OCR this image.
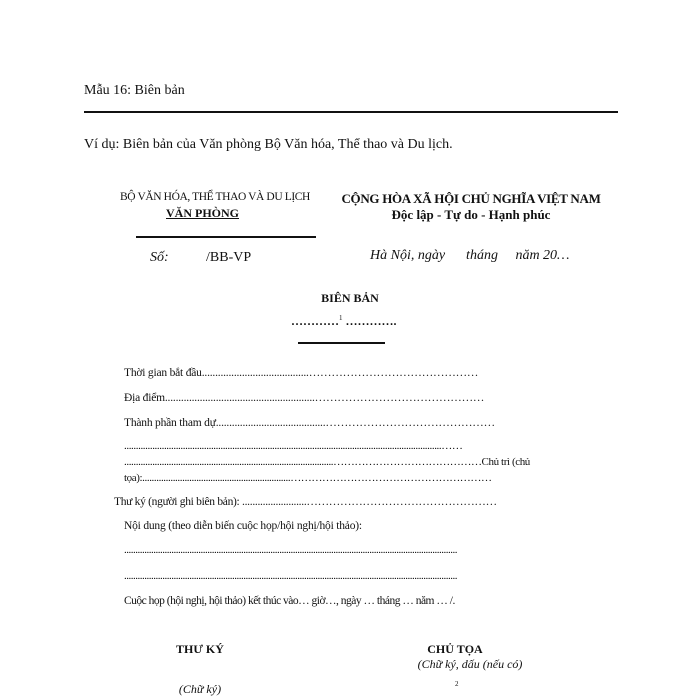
Mẫu 16: Biên bản
Ví dụ: Biên bản của Văn phòng Bộ Văn hóa, Thể thao và Du lịch.
BỘ VĂN HÓA, THỂ THAO VÀ DU LỊCH
VĂN PHÒNG
CỘNG HÒA XÃ HỘI CHỦ NGHĨA VIỆT NAM
Độc lập - Tự do - Hạnh phúc
Số:	/BB-VP	Hà Nội, ngày      tháng     năm 20…
BIÊN BẢN
…………$^1$ ………….
Thời gian bắt đầu........................................………………………………………
Địa điểm........................................................………………………………………
Thành phần tham dự.........................................………………………………………
.......................................................................................................................................……
.........................................................................................……………………………………Chủ trì (chủ
tọa):...............................................................…………………………………………………
Thư ký (người ghi biên bản): .........................……………………………………………
Nội dung (theo diễn biến cuộc họp/hội nghị/hội thảo):
....................................................................................................................................................
....................................................................................................................................................
Cuộc họp (hội nghị, hội thảo) kết thúc vào… giờ…, ngày … tháng … năm … /.
THƯ KÝ
(Chữ ký)
CHỦ TỌA
(Chữ ký, dấu (nếu có)
2
